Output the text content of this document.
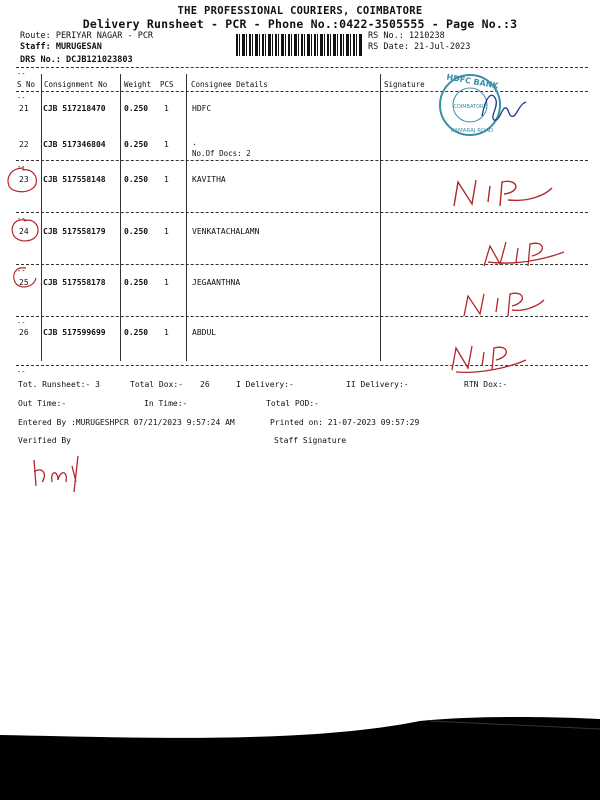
THE PROFESSIONAL COURIERS, COIMBATORE
Delivery Runsheet - PCR - Phone No.:0422-3505555 - Page No.:3
Route: PERIYAR NAGAR - PCR
Staff: MURUGESAN
DRS No.: DCJB121023803
RS No.: 1210238
RS Date: 21-Jul-2023
--
--
--
--
--
--
--
S No Consignment No Weight PCS Consignee Details	Signature
21 CJB 517218470 0.250 1	HDFC
22 CJB 517346804 0.250 1	.
No.Of Docs: 2
23 CJB 517558148 0.250 1	KAVITHA
24 CJB 517558179 0.250 1	VENKATACHALAMN
25 CJB 517558178 0.250 1	JEGAANTHNA
26 CJB 517599699 0.250 1	ABDUL
HDFC BANK
COIMBATORE
KAMARAJ ROAD
Tot. Runsheet:- 3	Total Dox:- 26	I Delivery:-	II Delivery:-	RTN Dox:-
Out Time:-	In Time:-	Total POD:-
Entered By :MURUGESHPCR 07/21/2023 9:57:24 AM	Printed on: 21-07-2023 09:57:29
Verified By	Staff Signature
